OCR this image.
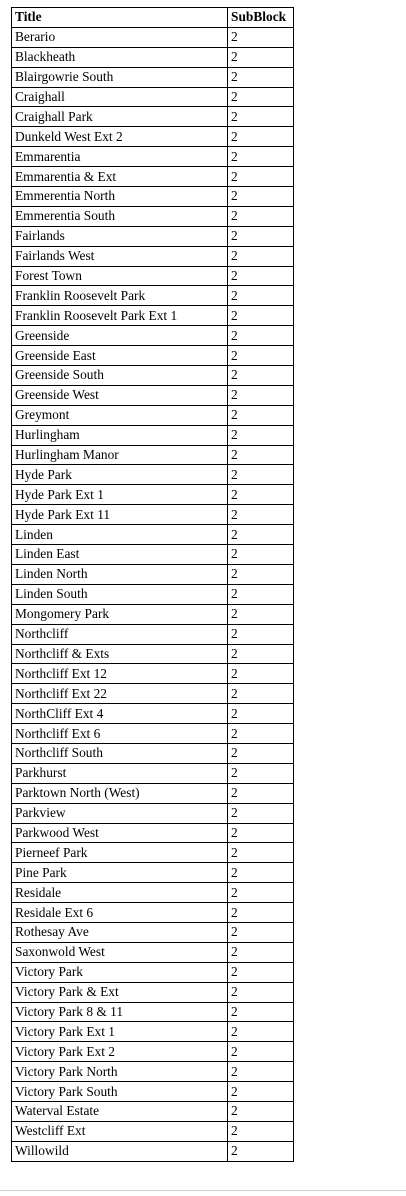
Title	SubBlock
Berario	2
Blackheath	2
Blairgowrie South	2
Craighall	2
Craighall Park	2
Dunkeld West Ext 2	2
Emmarentia	2
Emmarentia & Ext	2
Emmerentia North	2
Emmerentia South	2
Fairlands	2
Fairlands West	2
Forest Town	2
Franklin Roosevelt Park	2
Franklin Roosevelt Park Ext 1	2
Greenside	2
Greenside East	2
Greenside South	2
Greenside West	2
Greymont	2
Hurlingham	2
Hurlingham Manor	2
Hyde Park	2
Hyde Park Ext 1	2
Hyde Park Ext 11	2
Linden	2
Linden East	2
Linden North	2
Linden South	2
Mongomery Park	2
Northcliff	2
Northcliff & Exts	2
Northcliff Ext 12	2
Northcliff Ext 22	2
NorthCliff Ext 4	2
Northcliff Ext 6	2
Northcliff South	2
Parkhurst	2
Parktown North (West)	2
Parkview	2
Parkwood West	2
Pierneef Park	2
Pine Park	2
Residale	2
Residale Ext 6	2
Rothesay Ave	2
Saxonwold West	2
Victory Park	2
Victory Park & Ext	2
Victory Park 8 & 11	2
Victory Park Ext 1	2
Victory Park Ext 2	2
Victory Park North	2
Victory Park South	2
Waterval Estate	2
Westcliff Ext	2
Willowild	2
